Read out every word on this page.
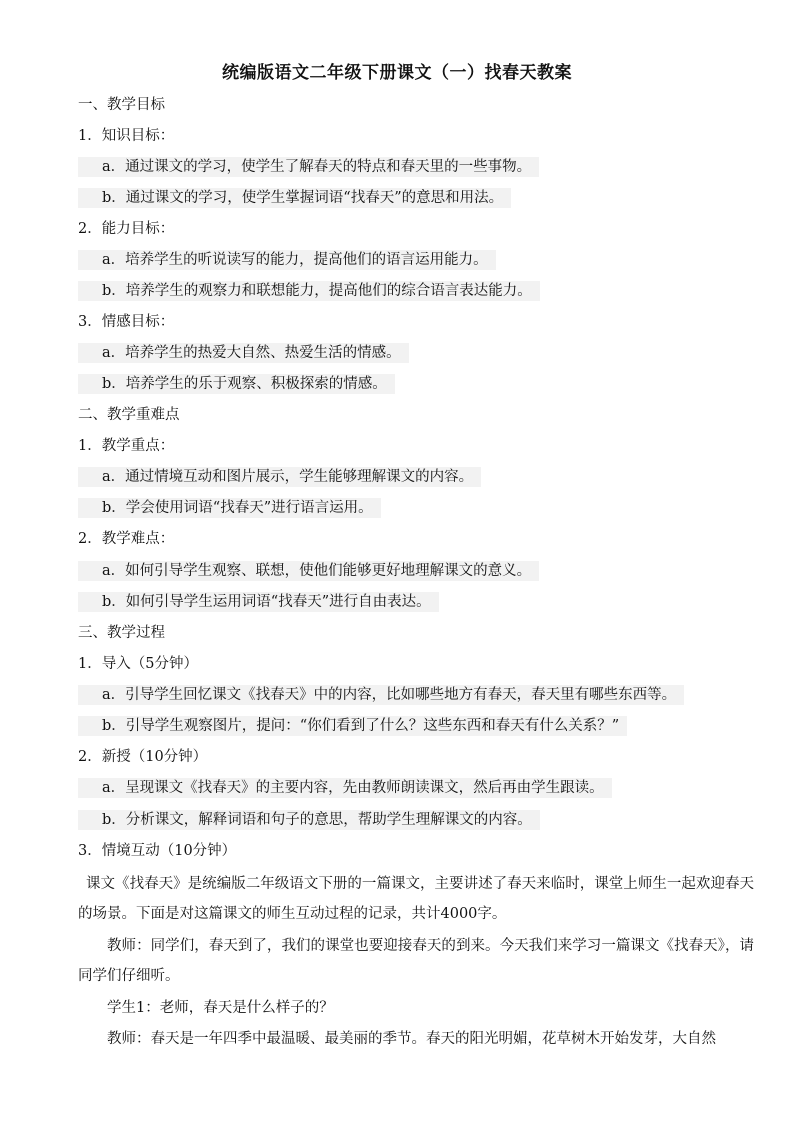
统编版语文二年级下册课文（一）找春天教案
一、教学目标
1．知识目标：
a．通过课文的学习，使学生了解春天的特点和春天里的一些事物。
b．通过课文的学习，使学生掌握词语“找春天”的意思和用法。
2．能力目标：
a．培养学生的听说读写的能力，提高他们的语言运用能力。
b．培养学生的观察力和联想能力，提高他们的综合语言表达能力。
3．情感目标：
a．培养学生的热爱大自然、热爱生活的情感。
b．培养学生的乐于观察、积极探索的情感。
二、教学重难点
1．教学重点：
a．通过情境互动和图片展示，学生能够理解课文的内容。
b．学会使用词语“找春天”进行语言运用。
2．教学难点：
a．如何引导学生观察、联想，使他们能够更好地理解课文的意义。
b．如何引导学生运用词语“找春天”进行自由表达。
三、教学过程
1．导入（5分钟）
a．引导学生回忆课文《找春天》中的内容，比如哪些地方有春天，春天里有哪些东西等。
b．引导学生观察图片，提问：“你们看到了什么？这些东西和春天有什么关系？”
2．新授（10分钟）
a．呈现课文《找春天》的主要内容，先由教师朗读课文，然后再由学生跟读。
b．分析课文，解释词语和句子的意思，帮助学生理解课文的内容。
3．情境互动（10分钟）
课文《找春天》是统编版二年级语文下册的一篇课文，主要讲述了春天来临时，课堂上师生一起欢迎春天的场景。下面是对这篇课文的师生互动过程的记录，共计4000字。
教师：同学们，春天到了，我们的课堂也要迎接春天的到来。今天我们来学习一篇课文《找春天》，请同学们仔细听。
学生1：老师，春天是什么样子的？
教师：春天是一年四季中最温暖、最美丽的季节。春天的阳光明媚，花草树木开始发芽，大自然
